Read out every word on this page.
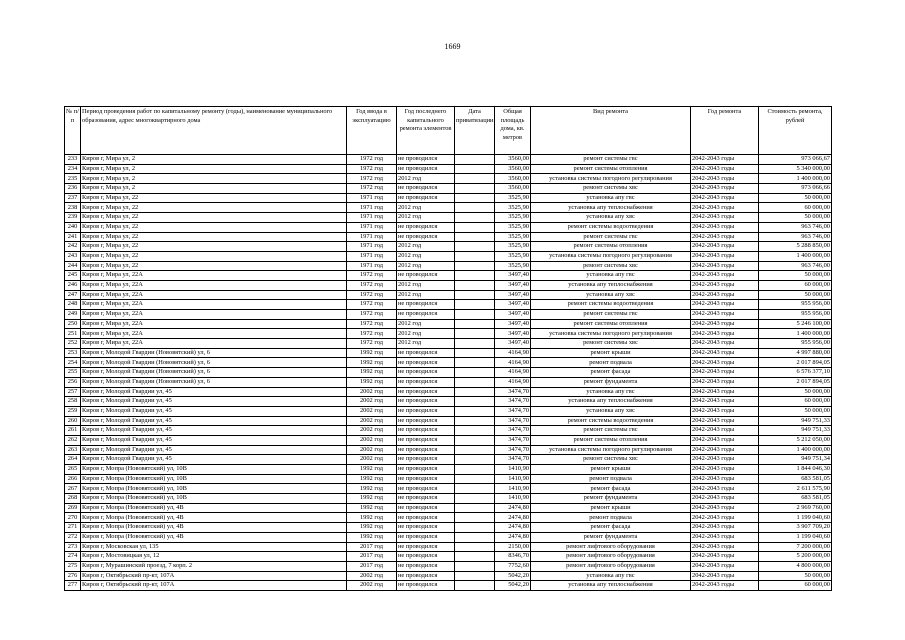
1669
№ п/п	Период проведения работ по капитальному ремонту (годы), наименование муниципального образования, адрес многоквартирного дома	Год ввода в эксплуатацию	Год последнего капитального ремонта элементов	Дата приватизации	Общая площадь дома, кв. метров	Вид ремонта	Год ремонта	Стоимость ремонта, рублей
233	Киров г, Мира ул, 2	1972 год	не проводился		3560,00	ремонт системы гвс	2042-2043 годы	973 066,67
234	Киров г, Мира ул, 2	1972 год	не проводился		3560,00	ремонт системы отопления	2042-2043 годы	5 340 000,00
235	Киров г, Мира ул, 2	1972 год	2012 год		3560,00	установка системы погодного регулирования	2042-2043 годы	1 400 000,00
236	Киров г, Мира ул, 2	1972 год	не проводился		3560,00	ремонт системы хвс	2042-2043 годы	973 066,66
237	Киров г, Мира ул, 22	1971 год	не проводился		3525,90	установка апу гвс	2042-2043 годы	50 000,00
238	Киров г, Мира ул, 22	1971 год	2012 год		3525,90	установка апу теплоснабжения	2042-2043 годы	60 000,00
239	Киров г, Мира ул, 22	1971 год	2012 год		3525,90	установка апу хвс	2042-2043 годы	50 000,00
240	Киров г, Мира ул, 22	1971 год	не проводился		3525,90	ремонт системы водоотведения	2042-2043 годы	963 746,00
241	Киров г, Мира ул, 22	1971 год	не проводился		3525,90	ремонт системы гвс	2042-2043 годы	963 746,00
242	Киров г, Мира ул, 22	1971 год	2012 год		3525,90	ремонт системы отопления	2042-2043 годы	5 288 850,00
243	Киров г, Мира ул, 22	1971 год	2012 год		3525,90	установка системы погодного регулирования	2042-2043 годы	1 400 000,00
244	Киров г, Мира ул, 22	1971 год	2012 год		3525,90	ремонт системы хвс	2042-2043 годы	963 746,00
245	Киров г, Мира ул, 22А	1972 год	не проводился		3497,40	установка апу гвс	2042-2043 годы	50 000,00
246	Киров г, Мира ул, 22А	1972 год	2012 год		3497,40	установка апу теплоснабжения	2042-2043 годы	60 000,00
247	Киров г, Мира ул, 22А	1972 год	2012 год		3497,40	установка апу хвс	2042-2043 годы	50 000,00
248	Киров г, Мира ул, 22А	1972 год	не проводился		3497,40	ремонт системы водоотведения	2042-2043 годы	955 956,00
249	Киров г, Мира ул, 22А	1972 год	не проводился		3497,40	ремонт системы гвс	2042-2043 годы	955 956,00
250	Киров г, Мира ул, 22А	1972 год	2012 год		3497,40	ремонт системы отопления	2042-2043 годы	5 246 100,00
251	Киров г, Мира ул, 22А	1972 год	2012 год		3497,40	установка системы погодного регулирования	2042-2043 годы	1 400 000,00
252	Киров г, Мира ул, 22А	1972 год	2012 год		3497,40	ремонт системы хвс	2042-2043 годы	955 956,00
253	Киров г, Молодой Гвардии (Нововятский) ул, 6	1992 год	не проводился		4164,90	ремонт крыши	2042-2043 годы	4 997 880,00
254	Киров г, Молодой Гвардии (Нововятский) ул, 6	1992 год	не проводился		4164,90	ремонт подвала	2042-2043 годы	2 017 894,05
255	Киров г, Молодой Гвардии (Нововятский) ул, 6	1992 год	не проводился		4164,90	ремонт фасада	2042-2043 годы	6 576 377,10
256	Киров г, Молодой Гвардии (Нововятский) ул, 6	1992 год	не проводился		4164,90	ремонт фундамента	2042-2043 годы	2 017 894,05
257	Киров г, Молодой Гвардии ул, 45	2002 год	не проводился		3474,70	установка апу гвс	2042-2043 годы	50 000,00
258	Киров г, Молодой Гвардии ул, 45	2002 год	не проводился		3474,70	установка апу теплоснабжения	2042-2043 годы	60 000,00
259	Киров г, Молодой Гвардии ул, 45	2002 год	не проводился		3474,70	установка апу хвс	2042-2043 годы	50 000,00
260	Киров г, Молодой Гвардии ул, 45	2002 год	не проводился		3474,70	ремонт системы водоотведения	2042-2043 годы	949 751,33
261	Киров г, Молодой Гвардии ул, 45	2002 год	не проводился		3474,70	ремонт системы гвс	2042-2043 годы	949 751,33
262	Киров г, Молодой Гвардии ул, 45	2002 год	не проводился		3474,70	ремонт системы отопления	2042-2043 годы	5 212 050,00
263	Киров г, Молодой Гвардии ул, 45	2002 год	не проводился		3474,70	установка системы погодного регулирования	2042-2043 годы	1 400 000,00
264	Киров г, Молодой Гвардии ул, 45	2002 год	не проводился		3474,70	ремонт системы хвс	2042-2043 годы	949 751,34
265	Киров г, Мопра (Нововятский) ул, 10В	1992 год	не проводился		1410,90	ремонт крыши	2042-2043 годы	1 844 046,30
266	Киров г, Мопра (Нововятский) ул, 10В	1992 год	не проводился		1410,90	ремонт подвала	2042-2043 годы	683 581,05
267	Киров г, Мопра (Нововятский) ул, 10В	1992 год	не проводился		1410,90	ремонт фасада	2042-2043 годы	2 611 575,90
268	Киров г, Мопра (Нововятский) ул, 10В	1992 год	не проводился		1410,90	ремонт фундамента	2042-2043 годы	683 581,05
269	Киров г, Мопра (Нововятский) ул, 4В	1992 год	не проводился		2474,80	ремонт крыши	2042-2043 годы	2 969 760,00
270	Киров г, Мопра (Нововятский) ул, 4В	1992 год	не проводился		2474,80	ремонт подвала	2042-2043 годы	1 199 040,60
271	Киров г, Мопра (Нововятский) ул, 4В	1992 год	не проводился		2474,80	ремонт фасада	2042-2043 годы	3 907 709,20
272	Киров г, Мопра (Нововятский) ул, 4В	1992 год	не проводился		2474,80	ремонт фундамента	2042-2043 годы	1 199 040,60
273	Киров г, Московская ул, 135	2017 год	не проводился		2150,00	ремонт лифтового оборудования	2042-2043 годы	7 200 000,00
274	Киров г, Мостовицкая ул, 12	2017 год	не проводился		8346,70	ремонт лифтового оборудования	2042-2043 годы	5 200 000,00
275	Киров г, Мурашинский проезд, 7 корп. 2	2017 год	не проводился		7752,60	ремонт лифтового оборудования	2042-2043 годы	4 800 000,00
276	Киров г, Октябрьский пр-кт, 107А	2002 год	не проводился		5042,20	установка апу гвс	2042-2043 годы	50 000,00
277	Киров г, Октябрьский пр-кт, 107А	2002 год	не проводился		5042,20	установка апу теплоснабжения	2042-2043 годы	60 000,00
